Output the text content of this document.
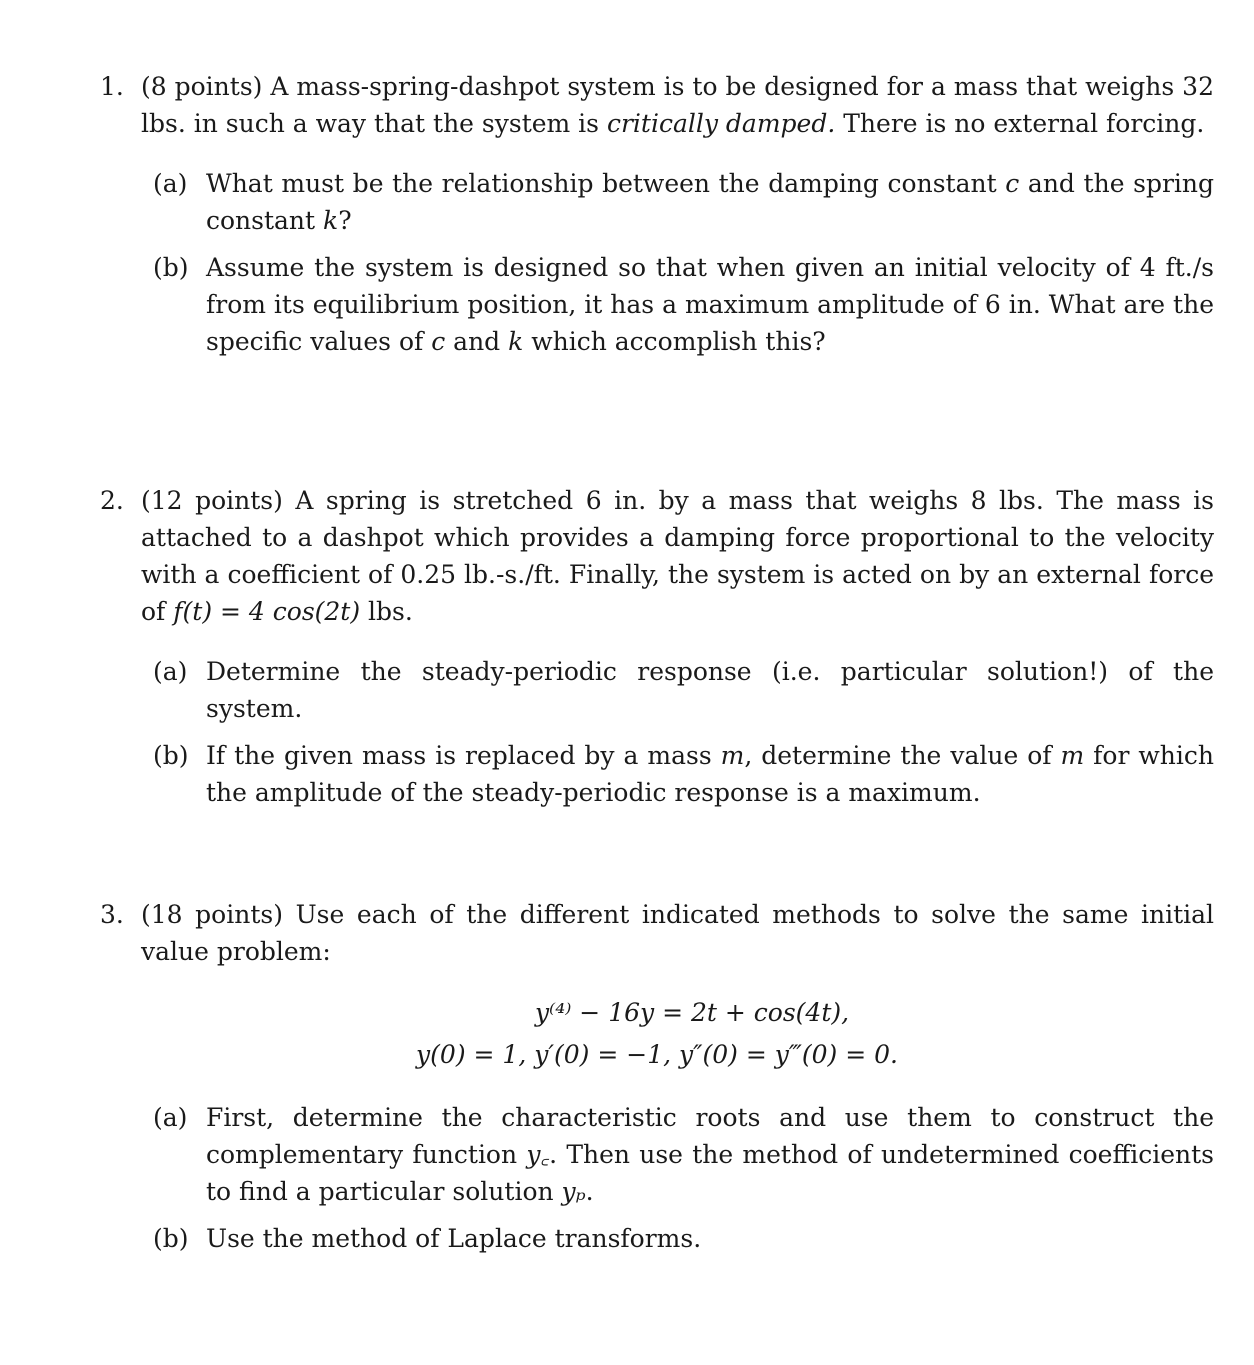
1. (8 points) A mass-spring-dashpot system is to be designed for a mass that weighs 32 lbs. in such a way that the system is critically damped. There is no external forcing.
(a) What must be the relationship between the damping constant c and the spring constant k?
(b) Assume the system is designed so that when given an initial velocity of 4 ft./s from its equilibrium position, it has a maximum amplitude of 6 in. What are the specific values of c and k which accomplish this?
2. (12 points) A spring is stretched 6 in. by a mass that weighs 8 lbs. The mass is attached to a dashpot which provides a damping force proportional to the velocity with a coefficient of 0.25 lb.-s./ft. Finally, the system is acted on by an external force of f(t) = 4 cos(2t) lbs.
(a) Determine the steady-periodic response (i.e. particular solution!) of the system.
(b) If the given mass is replaced by a mass m, determine the value of m for which the amplitude of the steady-periodic response is a maximum.
3. (18 points) Use each of the different indicated methods to solve the same initial value problem:
y⁽⁴⁾ − 16y = 2t + cos(4t),
y(0) = 1, y′(0) = −1, y″(0) = y‴(0) = 0.
(a) First, determine the characteristic roots and use them to construct the complementary function y꜀. Then use the method of undetermined coefficients to find a particular solution yₚ.
(b) Use the method of Laplace transforms.
